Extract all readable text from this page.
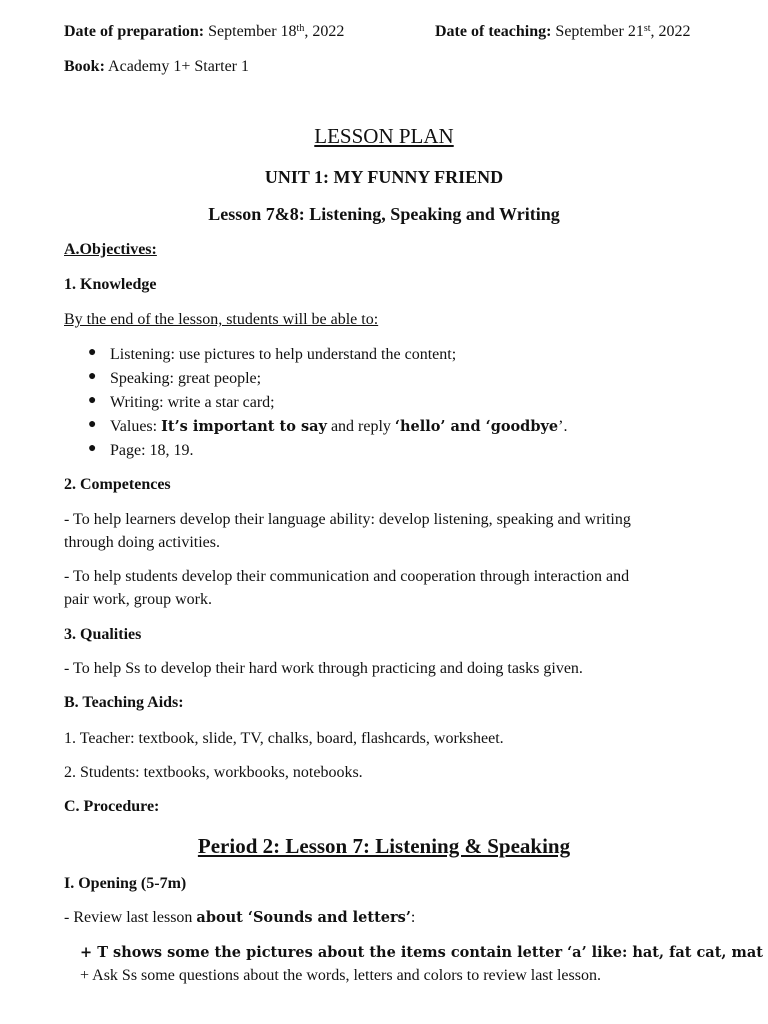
Date of preparation: September 18th, 2022	Date of teaching: September 21st, 2022
Book: Academy 1+ Starter 1
LESSON PLAN
UNIT 1: MY FUNNY FRIEND
Lesson 7&8: Listening, Speaking and Writing
A.Objectives:
1. Knowledge
By the end of the lesson, students will be able to:
● Listening: use pictures to help understand the content;
● Speaking: great people;
● Writing: write a star card;
● Values: It’s important to say and reply ‘hello’ and ‘goodbye’.
● Page: 18, 19.
2. Competences
- To help learners develop their language ability: develop listening, speaking and writing
through doing activities.
- To help students develop their communication and cooperation through interaction and
pair work, group work.
3. Qualities
- To help Ss to develop their hard work through practicing and doing tasks given.
B. Teaching Aids:
1. Teacher: textbook, slide, TV, chalks, board, flashcards, worksheet.
2. Students: textbooks, workbooks, notebooks.
C. Procedure:
Period 2: Lesson 7: Listening & Speaking
I. Opening (5-7m)
- Review last lesson about ‘Sounds and letters’:
+ T shows some the pictures about the items contain letter ‘a’ like: hat, fat cat, mat
+ Ask Ss some questions about the words, letters and colors to review last lesson.
